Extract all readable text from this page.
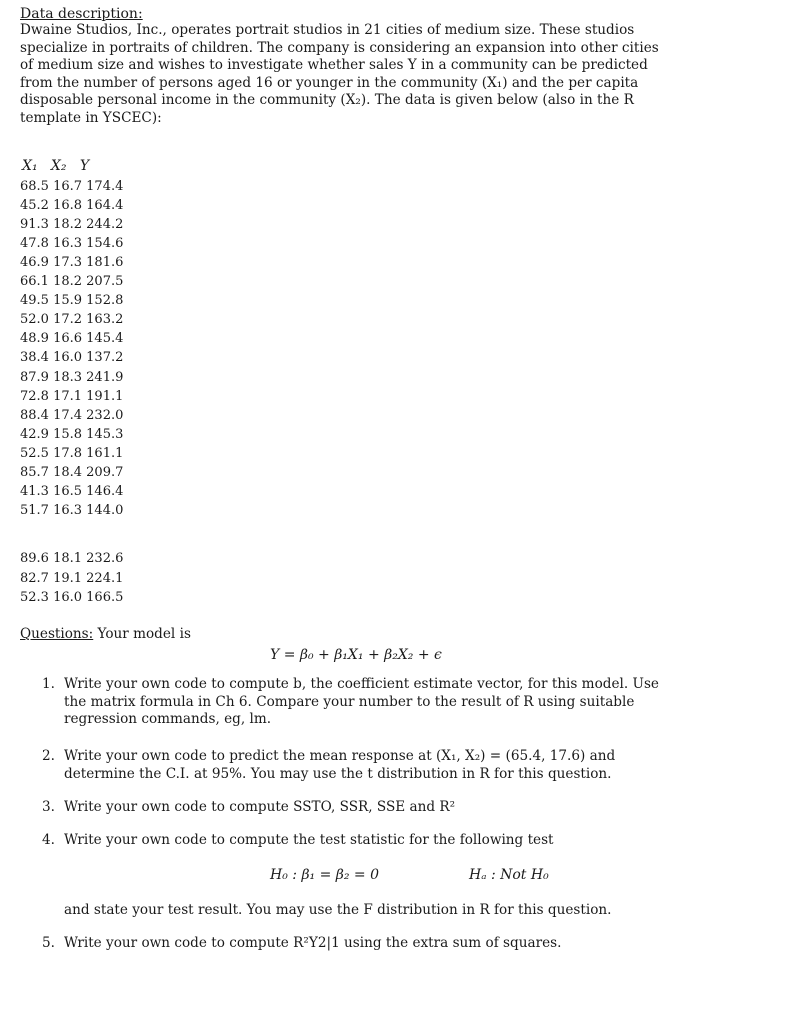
Data description:
Dwaine Studios, Inc., operates portrait studios in 21 cities of medium size. These studios
specialize in portraits of children. The company is considering an expansion into other cities
of medium size and wishes to investigate whether sales Y in a community can be predicted
from the number of persons aged 16 or younger in the community (X₁) and the per capita
disposable personal income in the community (X₂). The data is given below (also in the R
template in YSCEC):
X₁   X₂   Y
68.5 16.7 174.4
45.2 16.8 164.4
91.3 18.2 244.2
47.8 16.3 154.6
46.9 17.3 181.6
66.1 18.2 207.5
49.5 15.9 152.8
52.0 17.2 163.2
48.9 16.6 145.4
38.4 16.0 137.2
87.9 18.3 241.9
72.8 17.1 191.1
88.4 17.4 232.0
42.9 15.8 145.3
52.5 17.8 161.1
85.7 18.4 209.7
41.3 16.5 146.4
51.7 16.3 144.0
89.6 18.1 232.6
82.7 19.1 224.1
52.3 16.0 166.5
Questions: Your model is
Y = β₀ + β₁X₁ + β₂X₂ + ϵ
1. Write your own code to compute b, the coefficient estimate vector, for this model. Use
the matrix formula in Ch 6. Compare your number to the result of R using suitable
regression commands, eg, lm.
2. Write your own code to predict the mean response at (X₁, X₂) = (65.4, 17.6) and
determine the C.I. at 95%. You may use the t distribution in R for this question.
3. Write your own code to compute SSTO, SSR, SSE and R²
4. Write your own code to compute the test statistic for the following test
5. Write your own code to compute R²Y2|1 using the extra sum of squares.
H₀ : β₁ = β₂ = 0	Hₐ : Not H₀
and state your test result. You may use the F distribution in R for this question.
